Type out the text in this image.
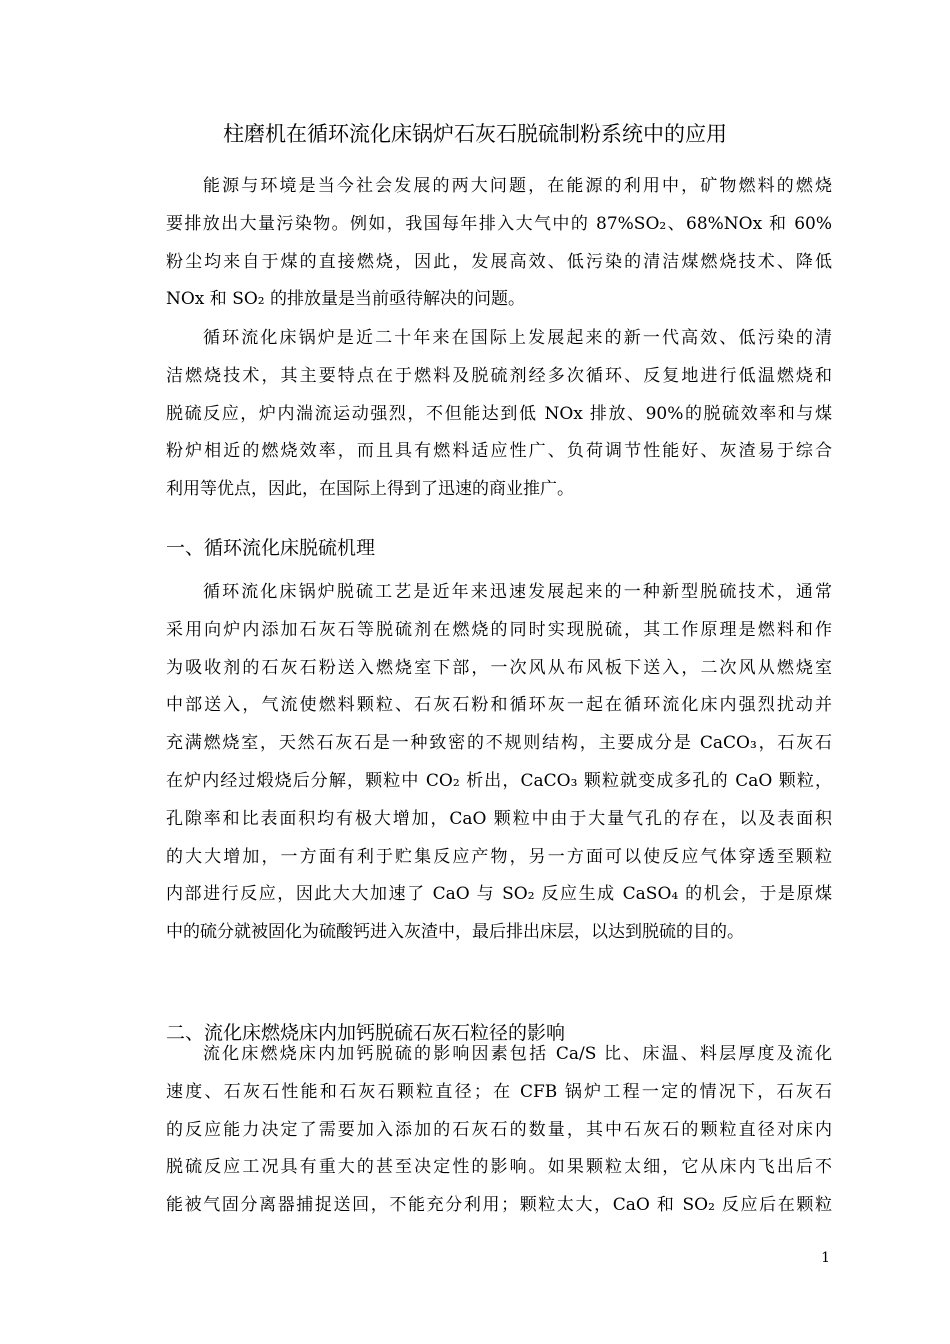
柱磨机在循环流化床锅炉石灰石脱硫制粉系统中的应用
能源与环境是当今社会发展的两大问题，在能源的利用中，矿物燃料的燃烧
要排放出大量污染物。例如，我国每年排入大气中的 87%SO₂、68%NOx 和 60%
粉尘均来自于煤的直接燃烧，因此，发展高效、低污染的清洁煤燃烧技术、降低
NOx 和 SO₂ 的排放量是当前亟待解决的问题。
循环流化床锅炉是近二十年来在国际上发展起来的新一代高效、低污染的清
洁燃烧技术，其主要特点在于燃料及脱硫剂经多次循环、反复地进行低温燃烧和
脱硫反应，炉内湍流运动强烈，不但能达到低 NOx 排放、90%的脱硫效率和与煤
粉炉相近的燃烧效率，而且具有燃料适应性广、负荷调节性能好、灰渣易于综合
利用等优点，因此，在国际上得到了迅速的商业推广。
一、循环流化床脱硫机理
循环流化床锅炉脱硫工艺是近年来迅速发展起来的一种新型脱硫技术，通常
采用向炉内添加石灰石等脱硫剂在燃烧的同时实现脱硫，其工作原理是燃料和作
为吸收剂的石灰石粉送入燃烧室下部，一次风从布风板下送入，二次风从燃烧室
中部送入，气流使燃料颗粒、石灰石粉和循环灰一起在循环流化床内强烈扰动并
充满燃烧室，天然石灰石是一种致密的不规则结构，主要成分是 CaCO₃，石灰石
在炉内经过煅烧后分解，颗粒中 CO₂ 析出，CaCO₃ 颗粒就变成多孔的 CaO 颗粒，
孔隙率和比表面积均有极大增加，CaO 颗粒中由于大量气孔的存在，以及表面积
的大大增加，一方面有利于贮集反应产物，另一方面可以使反应气体穿透至颗粒
内部进行反应，因此大大加速了 CaO 与 SO₂ 反应生成 CaSO₄ 的机会，于是原煤
中的硫分就被固化为硫酸钙进入灰渣中，最后排出床层，以达到脱硫的目的。
二、流化床燃烧床内加钙脱硫石灰石粒径的影响
流化床燃烧床内加钙脱硫的影响因素包括 Ca/S 比、床温、料层厚度及流化
速度、石灰石性能和石灰石颗粒直径；在 CFB 锅炉工程一定的情况下，石灰石
的反应能力决定了需要加入添加的石灰石的数量，其中石灰石的颗粒直径对床内
脱硫反应工况具有重大的甚至决定性的影响。如果颗粒太细，它从床内飞出后不
能被气固分离器捕捉送回，不能充分利用；颗粒太大，CaO 和 SO₂ 反应后在颗粒
1
